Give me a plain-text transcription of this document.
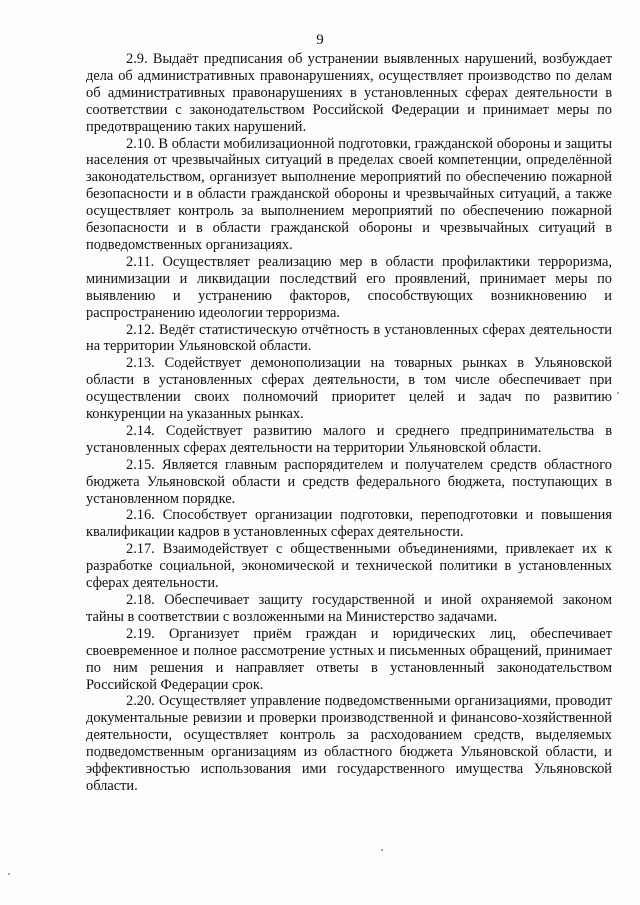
9

2.9. Выдаёт предписания об устранении выявленных нарушений, возбуждает дела об административных правонарушениях, осуществляет производство по делам об административных правонарушениях в установленных сферах деятельности в соответствии с законодательством Российской Федерации и принимает меры по предотвращению таких нарушений.

2.10. В области мобилизационной подготовки, гражданской обороны и защиты населения от чрезвычайных ситуаций в пределах своей компетенции, определённой законодательством, организует выполнение мероприятий по обеспечению пожарной безопасности и в области гражданской обороны и чрезвычайных ситуаций, а также осуществляет контроль за выполнением мероприятий по обеспечению пожарной безопасности и в области гражданской обороны и чрезвычайных ситуаций в подведомственных организациях.

2.11. Осуществляет реализацию мер в области профилактики терроризма, минимизации и ликвидации последствий его проявлений, принимает меры по выявлению и устранению факторов, способствующих возникновению и распространению идеологии терроризма.

2.12. Ведёт статистическую отчётность в установленных сферах деятельности на территории Ульяновской области.

2.13. Содействует демонополизации на товарных рынках в Ульяновской области в установленных сферах деятельности, в том числе обеспечивает при осуществлении своих полномочий приоритет целей и задач по развитию конкуренции на указанных рынках.

2.14. Содействует развитию малого и среднего предпринимательства в установленных сферах деятельности на территории Ульяновской области.

2.15. Является главным распорядителем и получателем средств областного бюджета Ульяновской области и средств федерального бюджета, поступающих в установленном порядке.

2.16. Способствует организации подготовки, переподготовки и повышения квалификации кадров в установленных сферах деятельности.

2.17. Взаимодействует с общественными объединениями, привлекает их к разработке социальной, экономической и технической политики в установленных сферах деятельности.

2.18. Обеспечивает защиту государственной и иной охраняемой законом тайны в соответствии с возложенными на Министерство задачами.

2.19. Организует приём граждан и юридических лиц, обеспечивает своевременное и полное рассмотрение устных и письменных обращений, принимает по ним решения и направляет ответы в установленный законодательством Российской Федерации срок.

2.20. Осуществляет управление подведомственными организациями, проводит документальные ревизии и проверки производственной и финансово-хозяйственной деятельности, осуществляет контроль за расходованием средств, выделяемых подведомственным организациям из областного бюджета Ульяновской области, и эффективностью использования ими государственного имущества Ульяновской области.
